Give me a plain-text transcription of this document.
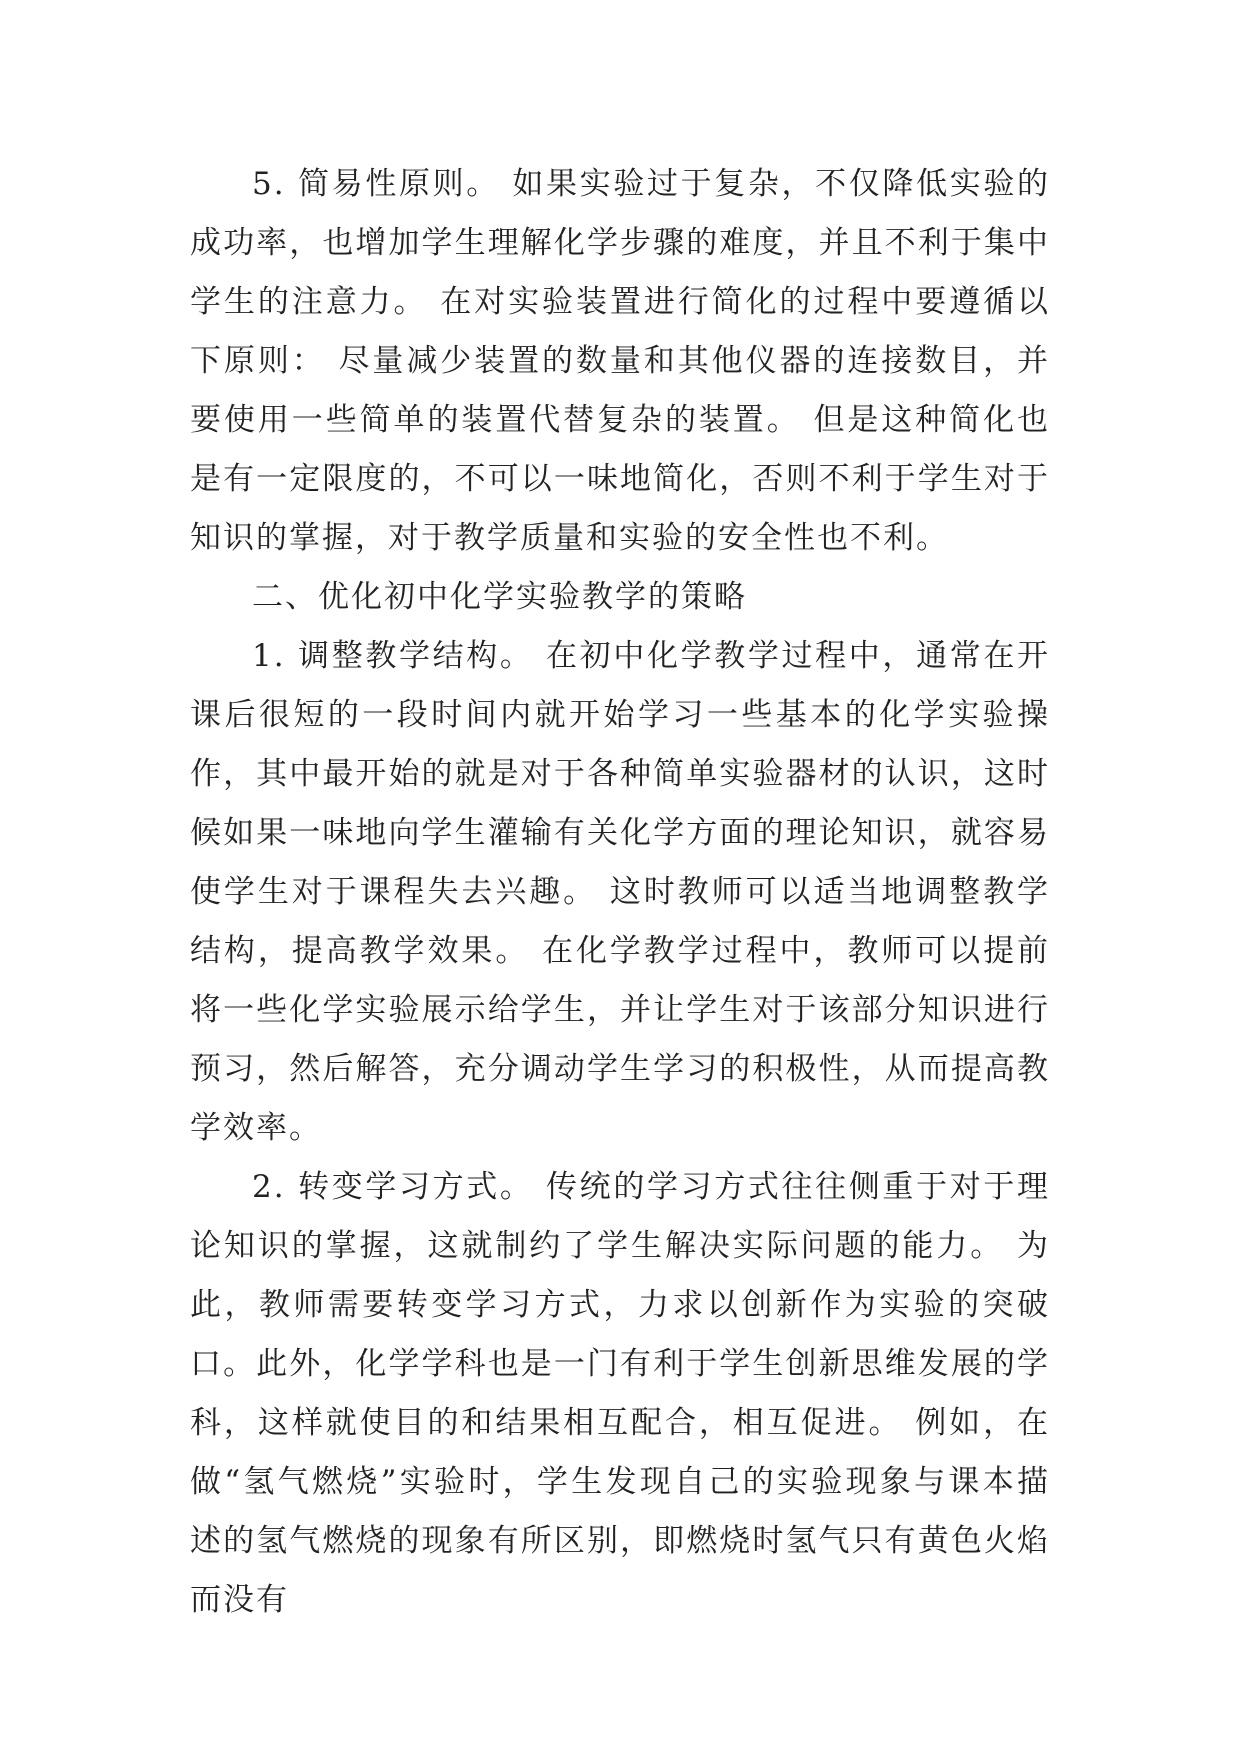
5. 简易性原则。 如果实验过于复杂，不仅降低实验的成功率，也增加学生理解化学步骤的难度，并且不利于集中学生的注意力。 在对实验装置进行简化的过程中要遵循以下原则： 尽量减少装置的数量和其他仪器的连接数目，并要使用一些简单的装置代替复杂的装置。 但是这种简化也是有一定限度的，不可以一味地简化，否则不利于学生对于知识的掌握，对于教学质量和实验的安全性也不利。

二、优化初中化学实验教学的策略

1. 调整教学结构。 在初中化学教学过程中，通常在开课后很短的一段时间内就开始学习一些基本的化学实验操作，其中最开始的就是对于各种简单实验器材的认识，这时候如果一味地向学生灌输有关化学方面的理论知识，就容易使学生对于课程失去兴趣。 这时教师可以适当地调整教学结构，提高教学效果。 在化学教学过程中，教师可以提前将一些化学实验展示给学生，并让学生对于该部分知识进行预习，然后解答，充分调动学生学习的积极性，从而提高教学效率。

2. 转变学习方式。 传统的学习方式往往侧重于对于理论知识的掌握，这就制约了学生解决实际问题的能力。 为此，教师需要转变学习方式，力求以创新作为实验的突破口。此外，化学学科也是一门有利于学生创新思维发展的学科，这样就使目的和结果相互配合，相互促进。 例如，在做“氢气燃烧”实验时，学生发现自己的实验现象与课本描述的氢气燃烧的现象有所区别，即燃烧时氢气只有黄色火焰而没有
